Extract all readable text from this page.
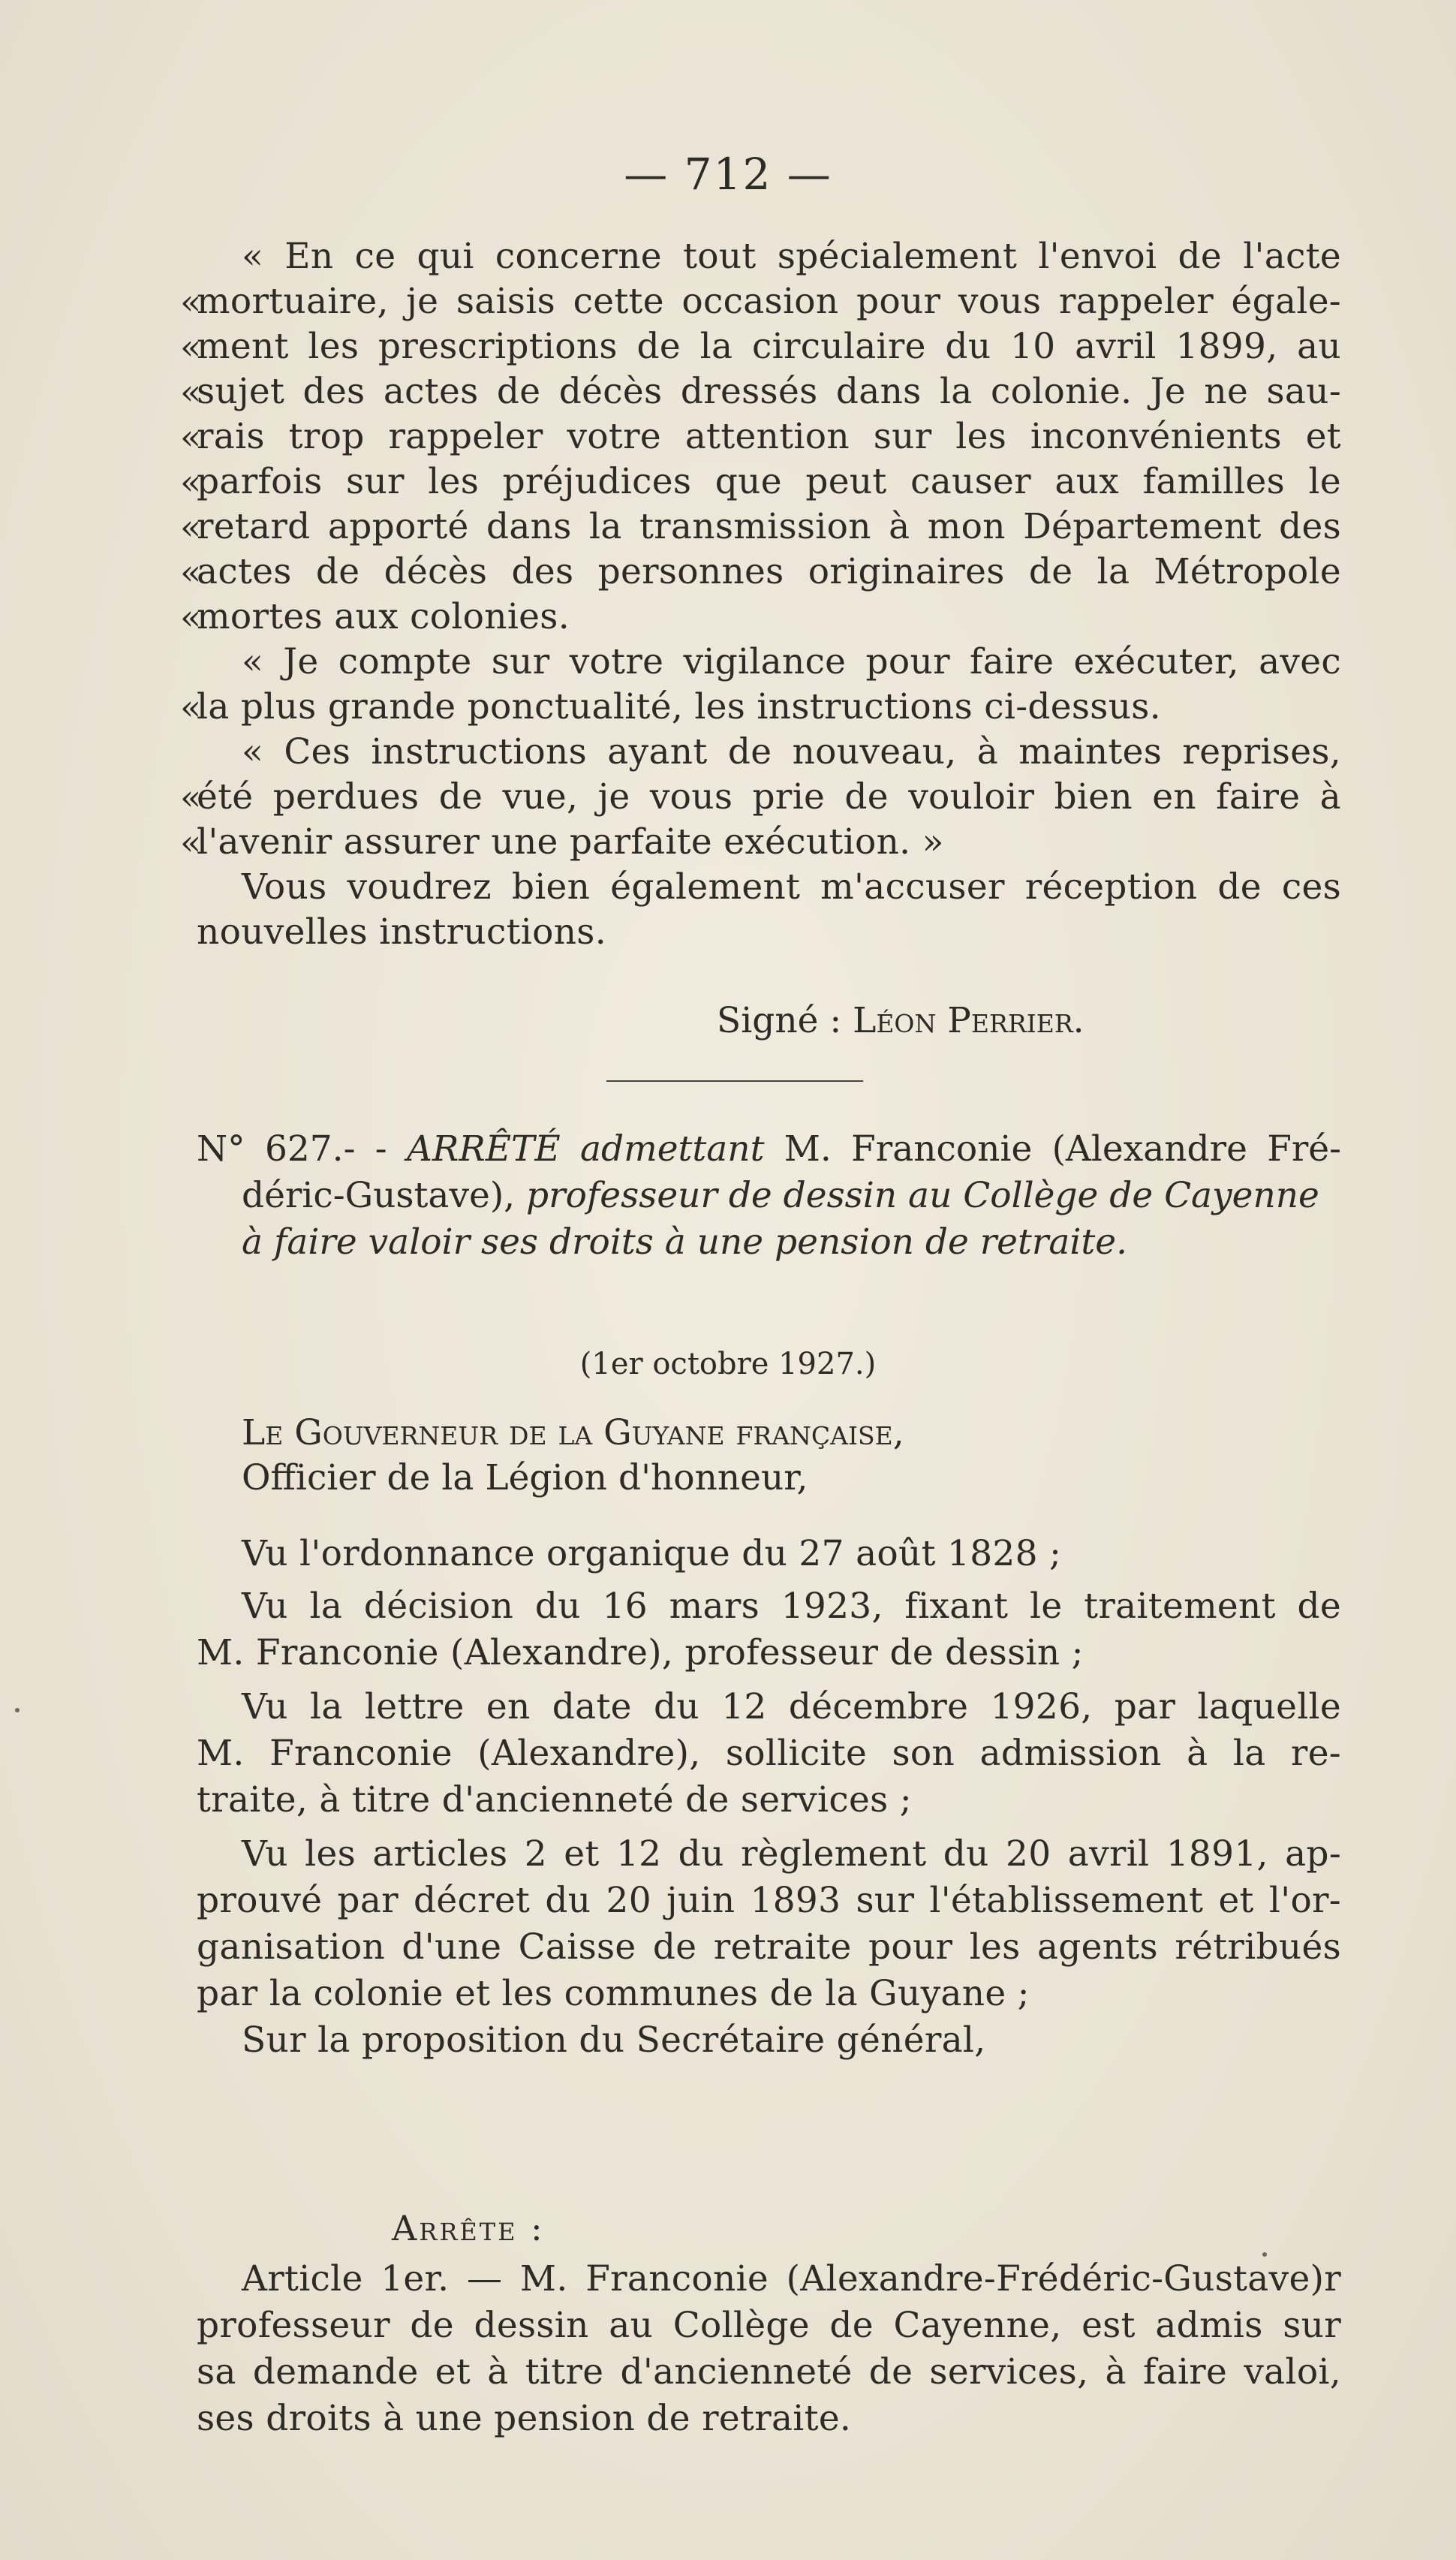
— 712 —
« En ce qui concerne tout spécialement l'envoi de l'acte
«
mortuaire, je saisis cette occasion pour vous rappeler égale-
«
ment les prescriptions de la circulaire du 10 avril 1899, au
«
sujet des actes de décès dressés dans la colonie. Je ne sau-
«
rais trop rappeler votre attention sur les inconvénients et
«
parfois sur les préjudices que peut causer aux familles le
«
retard apporté dans la transmission à mon Département des
«
actes de décès des personnes originaires de la Métropole
«
mortes aux colonies.
« Je compte sur votre vigilance pour faire exécuter, avec
«
la plus grande ponctualité, les instructions ci-dessus.
« Ces instructions ayant de nouveau, à maintes reprises,
«
été perdues de vue, je vous prie de vouloir bien en faire à
«
l'avenir assurer une parfaite exécution. »
Vous voudrez bien également m'accuser réception de ces
nouvelles instructions.
Signé : Léon Perrier.
N° 627.- - ARRÊTÉ admettant M. Franconie (Alexandre Fré-
déric-Gustave), professeur de dessin au Collège de Cayenne
à faire valoir ses droits à une pension de retraite.
(1er octobre 1927.)
Le Gouverneur de la Guyane française,
Officier de la Légion d'honneur,
Vu l'ordonnance organique du 27 août 1828 ;
Vu la décision du 16 mars 1923, fixant le traitement de
M. Franconie (Alexandre), professeur de dessin ;
Vu la lettre en date du 12 décembre 1926, par laquelle
M. Franconie (Alexandre), sollicite son admission à la re-
traite, à titre d'ancienneté de services ;
Vu les articles 2 et 12 du règlement du 20 avril 1891, ap-
prouvé par décret du 20 juin 1893 sur l'établissement et l'or-
ganisation d'une Caisse de retraite pour les agents rétribués
par la colonie et les communes de la Guyane ;
Sur la proposition du Secrétaire général,
Arrête :
Article 1er. — M. Franconie (Alexandre-Frédéric-Gustave)r
professeur de dessin au Collège de Cayenne, est admis sur
sa demande et à titre d'ancienneté de services, à faire valoi,
ses droits à une pension de retraite.
